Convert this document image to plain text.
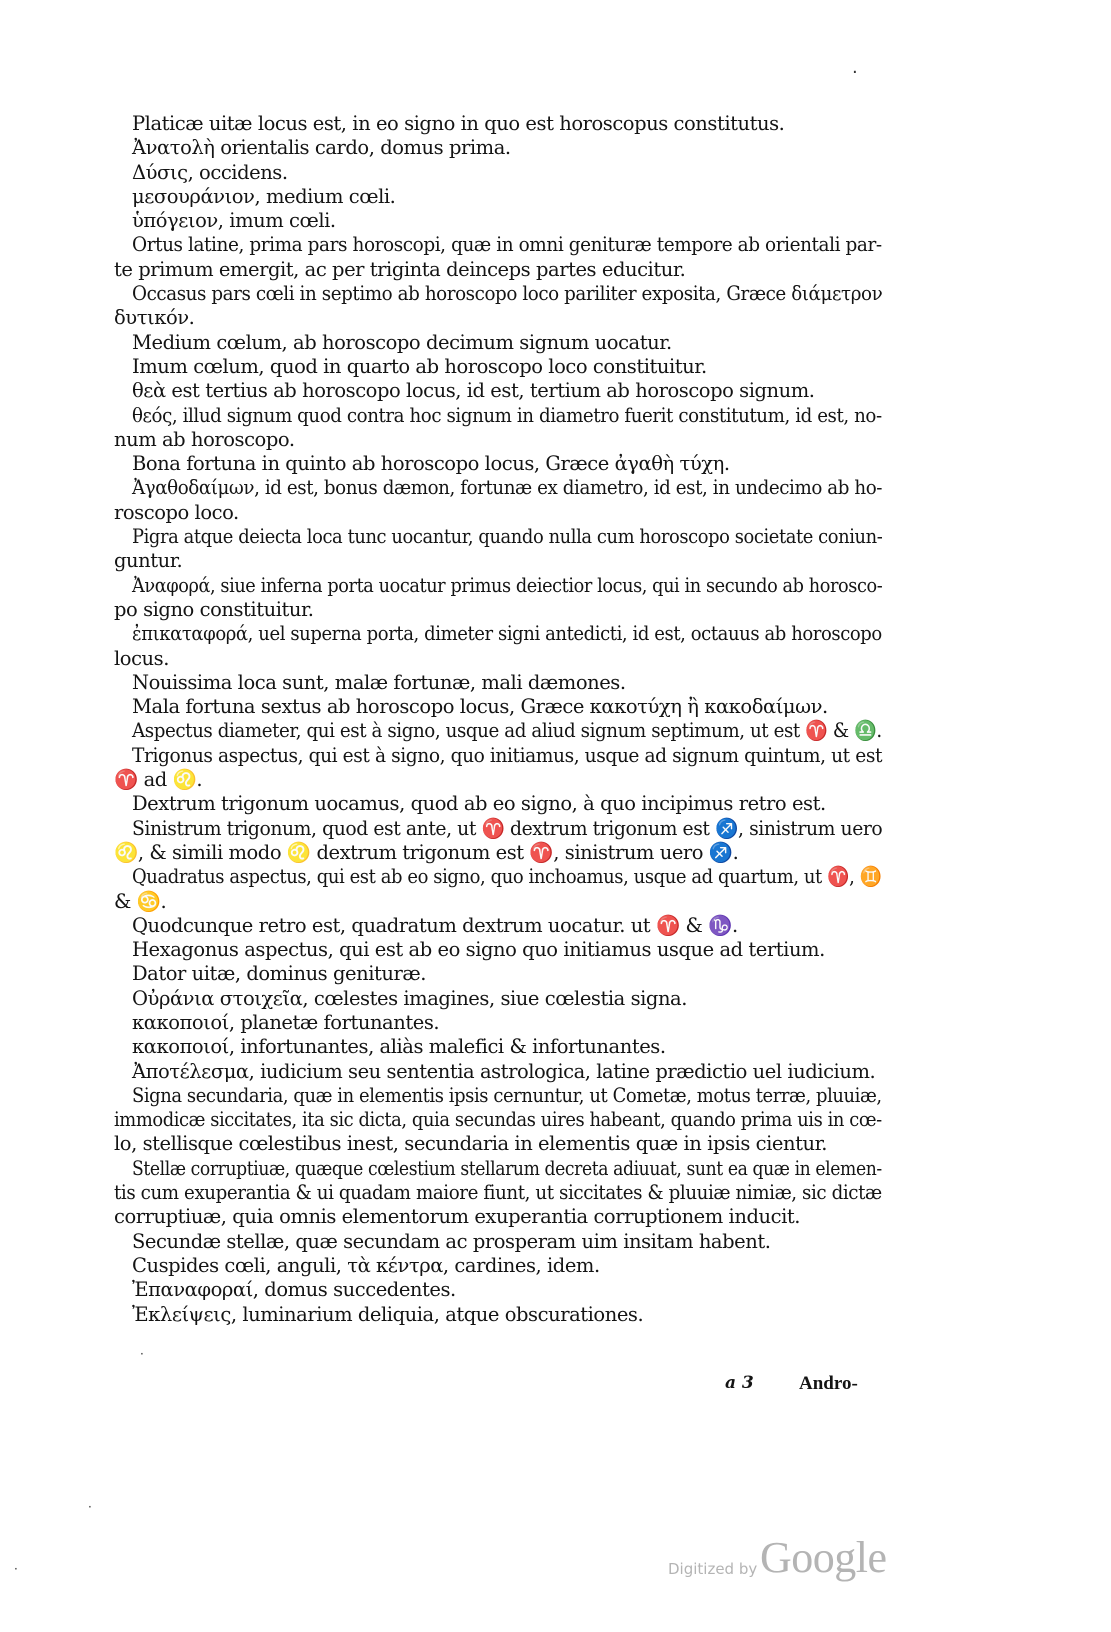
Platicæ uitæ locus est, in eo signo in quo est horoscopus constitutus.
Ἀνατολὴ orientalis cardo, domus prima.
Δύσις, occidens.
μεσουράνιον, medium cœli.
ὑπόγειον, imum cœli.
Ortus latine, prima pars horoscopi, quæ in omni genituræ tempore ab orientali par-
te primum emergit, ac per triginta deinceps partes educitur.
Occasus pars cœli in septimo ab horoscopo loco pariliter exposita, Græce διάμετρον
δυτικόν.
Medium cœlum, ab horoscopo decimum signum uocatur.
Imum cœlum, quod in quarto ab horoscopo loco constituitur.
θεὰ est tertius ab horoscopo locus, id est, tertium ab horoscopo signum.
θεός, illud signum quod contra hoc signum in diametro fuerit constitutum, id est, no-
num ab horoscopo.
Bona fortuna in quinto ab horoscopo locus, Græce ἀγαθὴ τύχη.
Ἀγαθοδαίμων, id est, bonus dæmon, fortunæ ex diametro, id est, in undecimo ab ho-
roscopo loco.
Pigra atque deiecta loca tunc uocantur, quando nulla cum horoscopo societate coniun-
guntur.
Ἀναφορά, siue inferna porta uocatur primus deiectior locus, qui in secundo ab horosco-
po signo constituitur.
ἐπικαταφορά, uel superna porta, dimeter signi antedicti, id est, octauus ab horoscopo
locus.
Nouissima loca sunt, malæ fortunæ, mali dæmones.
Mala fortuna sextus ab horoscopo locus, Græce κακοτύχη ἢ κακοδαίμων.
Aspectus diameter, qui est à signo, usque ad aliud signum septimum, ut est ♈ & ♎.
Trigonus aspectus, qui est à signo, quo initiamus, usque ad signum quintum, ut est
♈ ad ♌.
Dextrum trigonum uocamus, quod ab eo signo, à quo incipimus retro est.
Sinistrum trigonum, quod est ante, ut ♈ dextrum trigonum est ♐, sinistrum uero
♌, & simili modo ♌ dextrum trigonum est ♈, sinistrum uero ♐.
Quadratus aspectus, qui est ab eo signo, quo inchoamus, usque ad quartum, ut ♈, ♊
& ♋.
Quodcunque retro est, quadratum dextrum uocatur. ut ♈ & ♑.
Hexagonus aspectus, qui est ab eo signo quo initiamus usque ad tertium.
Dator uitæ, dominus genituræ.
Οὐράνια στοιχεῖα, cœlestes imagines, siue cœlestia signa.
κακοποιοί, planetæ fortunantes.
κακοποιοί, infortunantes, aliàs malefici & infortunantes.
Ἀποτέλεσμα, iudicium seu sententia astrologica, latine prædictio uel iudicium.
Signa secundaria, quæ in elementis ipsis cernuntur, ut Cometæ, motus terræ, pluuiæ,
immodicæ siccitates, ita sic dicta, quia secundas uires habeant, quando prima uis in cœ-
lo, stellisque cœlestibus inest, secundaria in elementis quæ in ipsis cientur.
Stellæ corruptiuæ, quæque cœlestium stellarum decreta adiuuat, sunt ea quæ in elemen-
tis cum exuperantia & ui quadam maiore fiunt, ut siccitates & pluuiæ nimiæ, sic dictæ
corruptiuæ, quia omnis elementorum exuperantia corruptionem inducit.
Secundæ stellæ, quæ secundam ac prosperam uim insitam habent.
Cuspides cœli, anguli, τὰ κέντρα, cardines, idem.
Ἐπαναφοραί, domus succedentes.
Ἐκλείψεις, luminarium deliquia, atque obscurationes.
a 3 Andro-
Digitized by Google
·
·
·
·
